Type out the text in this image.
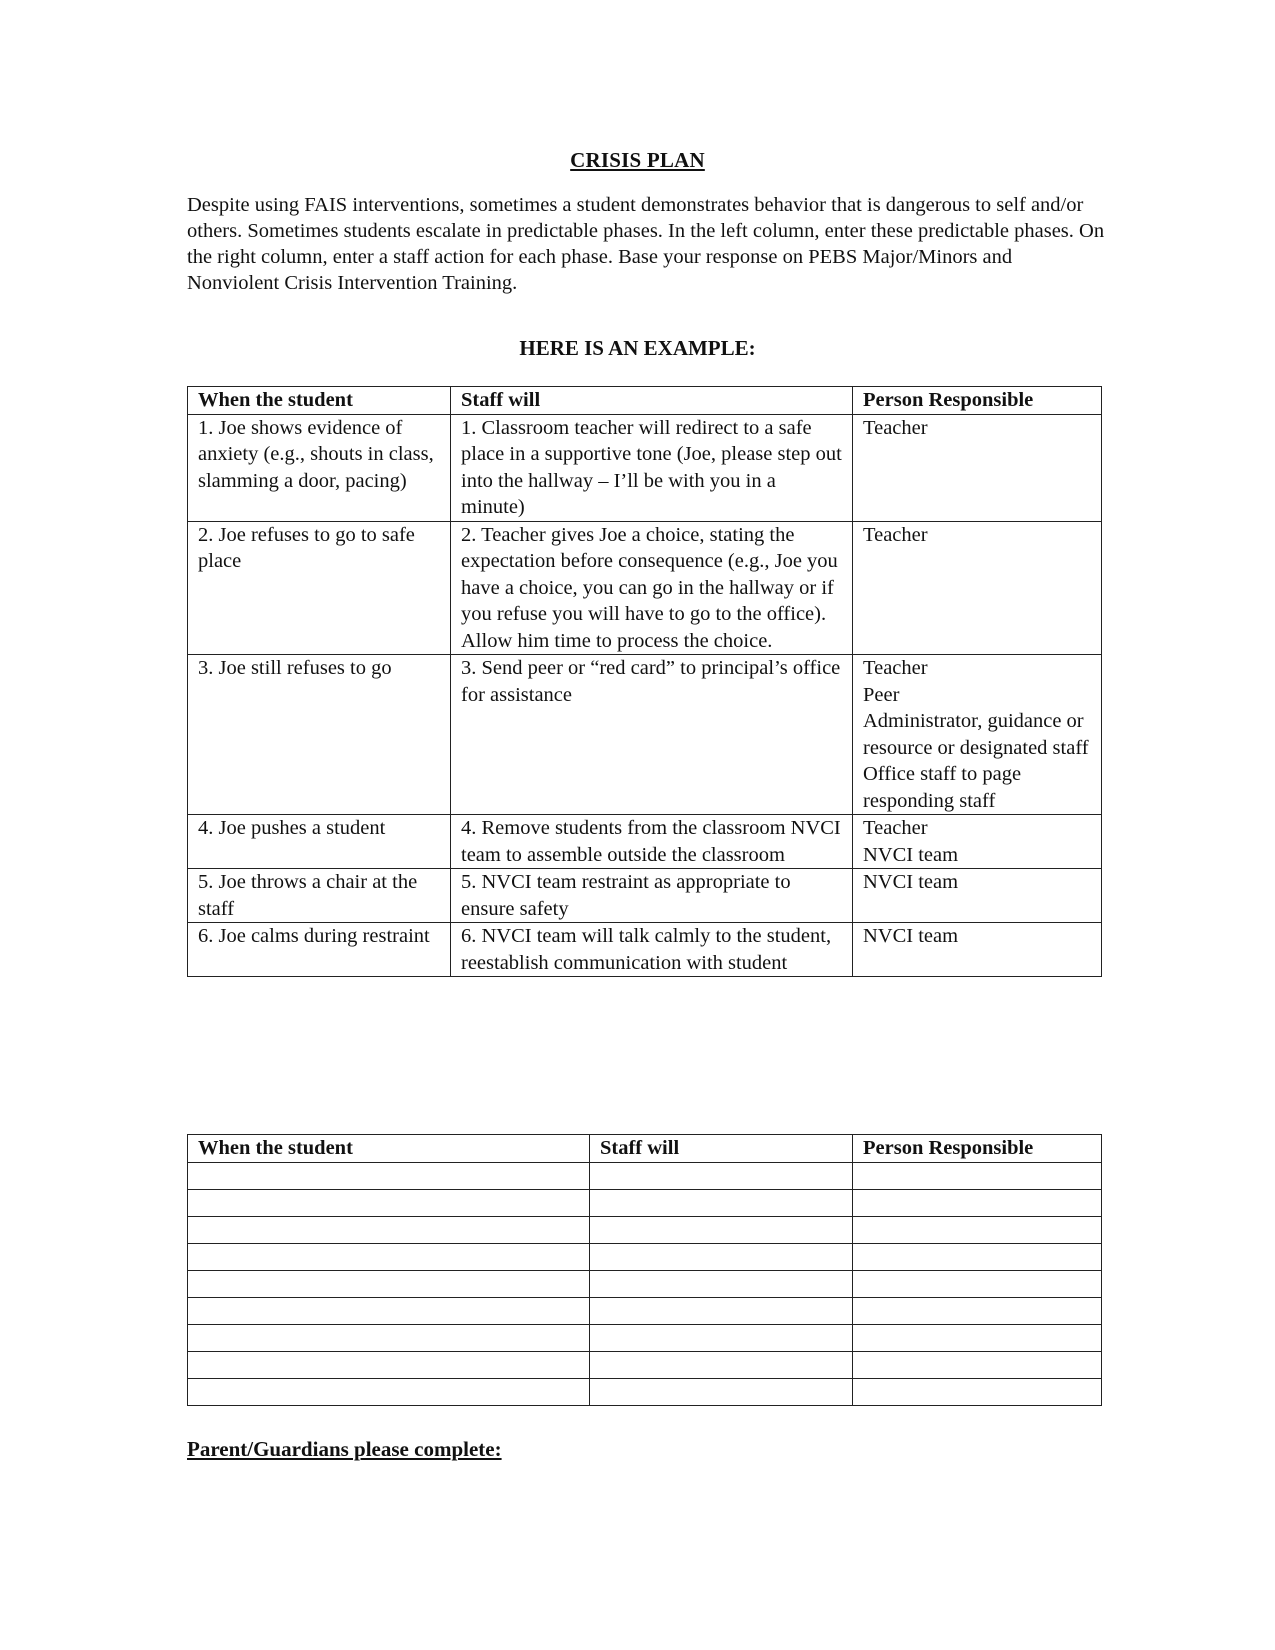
CRISIS PLAN

Despite using FAIS interventions, sometimes a student demonstrates behavior that is dangerous to self and/or others. Sometimes students escalate in predictable phases. In the left column, enter these predictable phases. On the right column, enter a staff action for each phase. Base your response on PEBS Major/Minors and Nonviolent Crisis Intervention Training.

HERE IS AN EXAMPLE:
When the student	Staff will	Person Responsible
1. Joe shows evidence of anxiety (e.g., shouts in class, slamming a door, pacing)	1. Classroom teacher will redirect to a safe place in a supportive tone (Joe, please step out into the hallway – I’ll be with you in a minute)	Teacher

2. Joe refuses to go to safe place	2. Teacher gives Joe a choice, stating the expectation before consequence (e.g., Joe you have a choice, you can go in the hallway or if you refuse you will have to go to the office). Allow him time to process the choice.	Teacher

3. Joe still refuses to go	3. Send peer or “red card” to principal’s office for assistance	Teacher
Peer
Administrator, guidance or resource or designated staff
Office staff to page responding staff

4. Joe pushes a student	4. Remove students from the classroom NVCI team to assemble outside the classroom	Teacher
NVCI team

5. Joe throws a chair at the staff	5. NVCI team restraint as appropriate to ensure safety	NVCI team

6. Joe calms during restraint	6. NVCI team will talk calmly to the student, reestablish communication with student	NVCI team
When the student	Staff will	Person Responsible

Parent/Guardians please complete:
